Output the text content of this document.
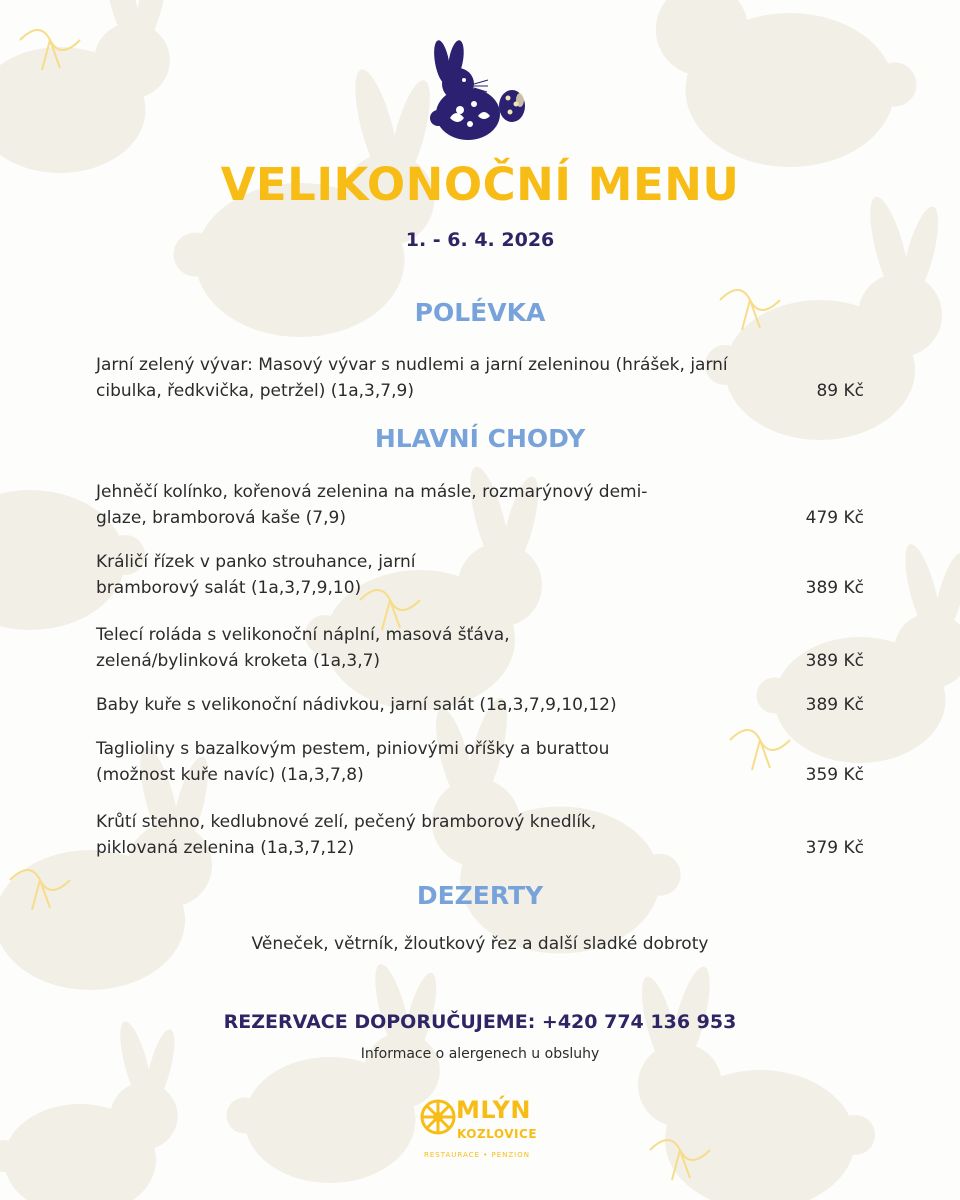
VELIKONOČNÍ MENU
1. - 6. 4. 2026
POLÉVKA
Jarní zelený vývar: Masový vývar s nudlemi a jarní zeleninou (hrášek, jarní cibulka, ředkvička, petržel) (1a,3,7,9)	89 Kč
HLAVNÍ CHODY
Jehněčí kolínko, kořenová zelenina na másle, rozmarýnový demi-glaze, bramborová kaše (7,9)	479 Kč
Králičí řízek v panko strouhance, jarní bramborový salát (1a,3,7,9,10)	389 Kč
Telecí roláda s velikonoční náplní, masová šťáva, zelená/bylinková kroketa (1a,3,7)	389 Kč
Baby kuře s velikonoční nádivkou, jarní salát (1a,3,7,9,10,12)	389 Kč
Taglioliny s bazalkovým pestem, piniovými oříšky a burattou (možnost kuře navíc) (1a,3,7,8)	359 Kč
Krůtí stehno, kedlubnové zelí, pečený bramborový knedlík, piklovaná zelenina (1a,3,7,12)	379 Kč
DEZERTY
Věneček, větrník, žloutkový řez a další sladké dobroty
REZERVACE DOPORUČUJEME: +420 774 136 953
Informace o alergenech u obsluhy
MLÝN
KOZLOVICE
RESTAURACE • PENZION
